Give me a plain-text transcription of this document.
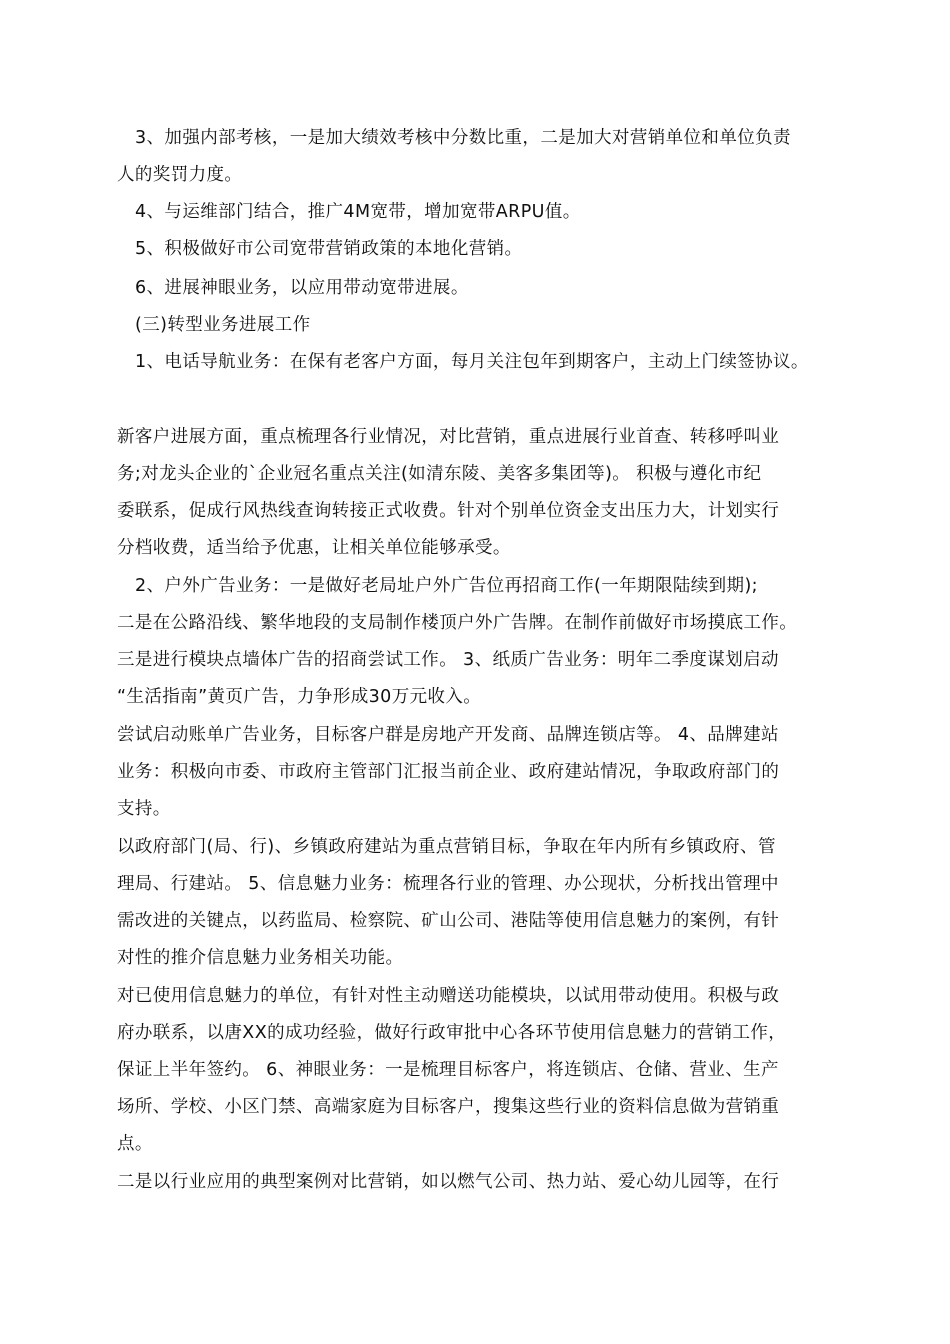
3、加强内部考核，一是加大绩效考核中分数比重，二是加大对营销单位和单位负责
人的奖罚力度。
4、与运维部门结合，推广4M宽带，增加宽带ARPU值。
5、积极做好市公司宽带营销政策的本地化营销。
6、进展神眼业务，以应用带动宽带进展。
(三)转型业务进展工作
1、电话导航业务：在保有老客户方面，每月关注包年到期客户，主动上门续签协议。
新客户进展方面，重点梳理各行业情况，对比营销，重点进展行业首查、转移呼叫业
务;对龙头企业的`企业冠名重点关注(如清东陵、美客多集团等)。 积极与遵化市纪
委联系，促成行风热线查询转接正式收费。针对个别单位资金支出压力大，计划实行
分档收费，适当给予优惠，让相关单位能够承受。
2、户外广告业务：一是做好老局址户外广告位再招商工作(一年期限陆续到期);
二是在公路沿线、繁华地段的支局制作楼顶户外广告牌。在制作前做好市场摸底工作。
三是进行模块点墙体广告的招商尝试工作。 3、纸质广告业务：明年二季度谋划启动
“生活指南”黄页广告，力争形成30万元收入。
尝试启动账单广告业务，目标客户群是房地产开发商、品牌连锁店等。 4、品牌建站
业务：积极向市委、市政府主管部门汇报当前企业、政府建站情况，争取政府部门的
支持。
以政府部门(局、行)、乡镇政府建站为重点营销目标，争取在年内所有乡镇政府、管
理局、行建站。 5、信息魅力业务：梳理各行业的管理、办公现状，分析找出管理中
需改进的关键点，以药监局、检察院、矿山公司、港陆等使用信息魅力的案例，有针
对性的推介信息魅力业务相关功能。
对已使用信息魅力的单位，有针对性主动赠送功能模块，以试用带动使用。积极与政
府办联系，以唐XX的成功经验，做好行政审批中心各环节使用信息魅力的营销工作，
保证上半年签约。 6、神眼业务：一是梳理目标客户，将连锁店、仓储、营业、生产
场所、学校、小区门禁、高端家庭为目标客户，搜集这些行业的资料信息做为营销重
点。
二是以行业应用的典型案例对比营销，如以燃气公司、热力站、爱心幼儿园等，在行
